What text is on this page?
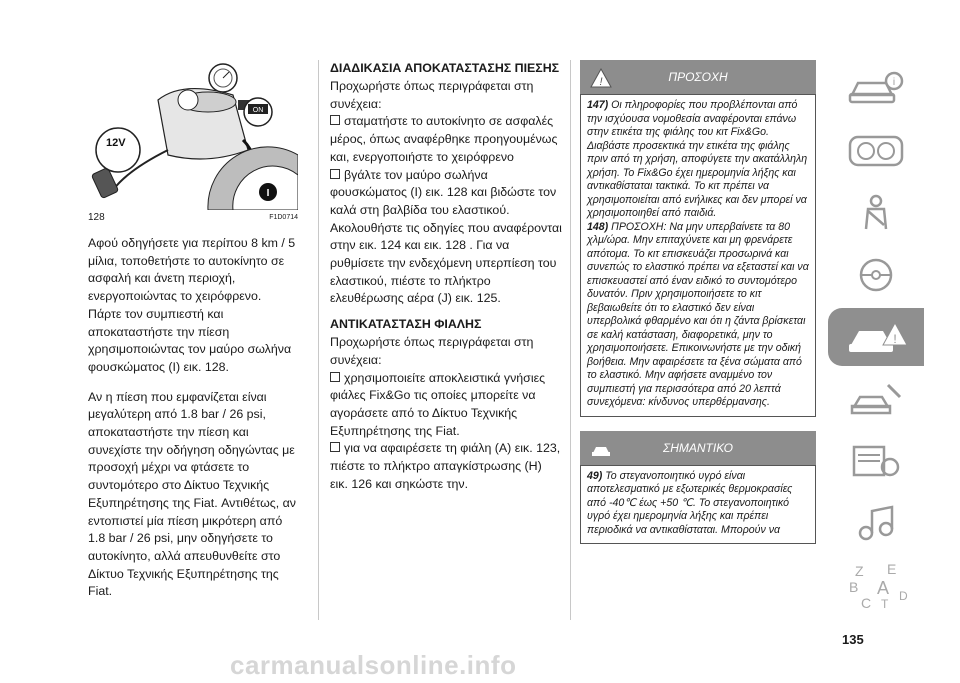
ON
12V
I
128	F1D0714

Αφού οδηγήσετε για περίπου 8 km / 5 μίλια, τοποθετήστε το αυτοκίνητο σε ασφαλή και άνετη περιοχή, ενεργοποιώντας το χειρόφρενο. Πάρτε τον συμπιεστή και αποκαταστήστε την πίεση χρησιμοποιώντας τον μαύρο σωλήνα φουσκώματος (I) εικ. 128.

Αν η πίεση που εμφανίζεται είναι μεγαλύτερη από 1.8 bar / 26 psi, αποκαταστήστε την πίεση και συνεχίστε την οδήγηση οδηγώντας με προσοχή μέχρι να φτάσετε το συντομότερο στο Δίκτυο Τεχνικής Εξυπηρέτησης της Fiat. Αντιθέτως, αν εντοπιστεί μία πίεση μικρότερη από 1.8 bar / 26 psi, μην οδηγήσετε το αυτοκίνητο, αλλά απευθυνθείτε στο Δίκτυο Τεχνικής Εξυπηρέτησης της Fiat.

ΔΙΑΔΙΚΑΣΙΑ ΑΠΟΚΑΤΑΣΤΑΣΗΣ ΠΙΕΣΗΣ

Προχωρήστε όπως περιγράφεται στη συνέχεια:

σταματήστε το αυτοκίνητο σε ασφαλές μέρος, όπως αναφέρθηκε προηγουμένως και, ενεργοποιήστε το χειρόφρενο

βγάλτε τον μαύρο σωλήνα φουσκώματος (I) εικ. 128 και βιδώστε τον καλά στη βαλβίδα του ελαστικού. Ακολουθήστε τις οδηγίες που αναφέρονται στην εικ. 124 και εικ. 128 . Για να ρυθμίσετε την ενδεχόμενη υπερπίεση του ελαστικού, πιέστε το πλήκτρο ελευθέρωσης αέρα (J) εικ. 125.

ΑΝΤΙΚΑΤΑΣΤΑΣΗ ΦΙΑΛΗΣ

Προχωρήστε όπως περιγράφεται στη συνέχεια:

χρησιμοποιείτε αποκλειστικά γνήσιες φιάλες Fix&Go τις οποίες μπορείτε να αγοράσετε από το Δίκτυο Τεχνικής Εξυπηρέτησης της Fiat.

για να αφαιρέσετε τη φιάλη (A) εικ. 123, πιέστε το πλήκτρο απαγκίστρωσης (H) εικ. 126 και σηκώστε την.

!	ΠΡΟΣΟΧΗ

147) Οι πληροφορίες που προβλέπονται από την ισχύουσα νομοθεσία αναφέρονται επάνω στην ετικέτα της φιάλης του κιτ Fix&Go. Διαβάστε προσεκτικά την ετικέτα της φιάλης πριν από τη χρήση, αποφύγετε την ακατάλληλη χρήση. Το Fix&Go έχει ημερομηνία λήξης και αντικαθίσταται τακτικά. Το κιτ πρέπει να χρησιμοποιείται από ενήλικες και δεν μπορεί να χρησιμοποιηθεί από παιδιά.

148) ΠΡΟΣΟΧΗ: Να μην υπερβαίνετε τα 80 χλμ/ώρα. Μην επιταχύνετε και μη φρενάρετε απότομα. Το κιτ επισκευάζει προσωρινά και συνεπώς το ελαστικό πρέπει να εξεταστεί και να επισκευαστεί από έναν ειδικό το συντομότερο δυνατόν. Πριν χρησιμοποιήσετε το κιτ βεβαιωθείτε ότι το ελαστικό δεν είναι υπερβολικά φθαρμένο και ότι η ζάντα βρίσκεται σε καλή κατάσταση, διαφορετικά, μην το χρησιμοποιήσετε. Επικοινωνήστε με την οδική βοήθεια. Μην αφαιρέσετε τα ξένα σώματα από το ελαστικό. Μην αφήσετε αναμμένο τον συμπιεστή για περισσότερα από 20 λεπτά συνεχόμενα: κίνδυνος υπερθέρμανσης.

ΣΗΜΑΝΤΙΚΟ

49) Το στεγανοποιητικό υγρό είναι αποτελεσματικό με εξωτερικές θερμοκρασίες από -40℃ έως +50 ℃. Το στεγανοποιητικό υγρό έχει ημερομηνία λήξης και πρέπει περιοδικά να αντικαθίσταται. Μπορούν να

i
!
Z E
B A
C D
T
135
carmanualsonline.info
